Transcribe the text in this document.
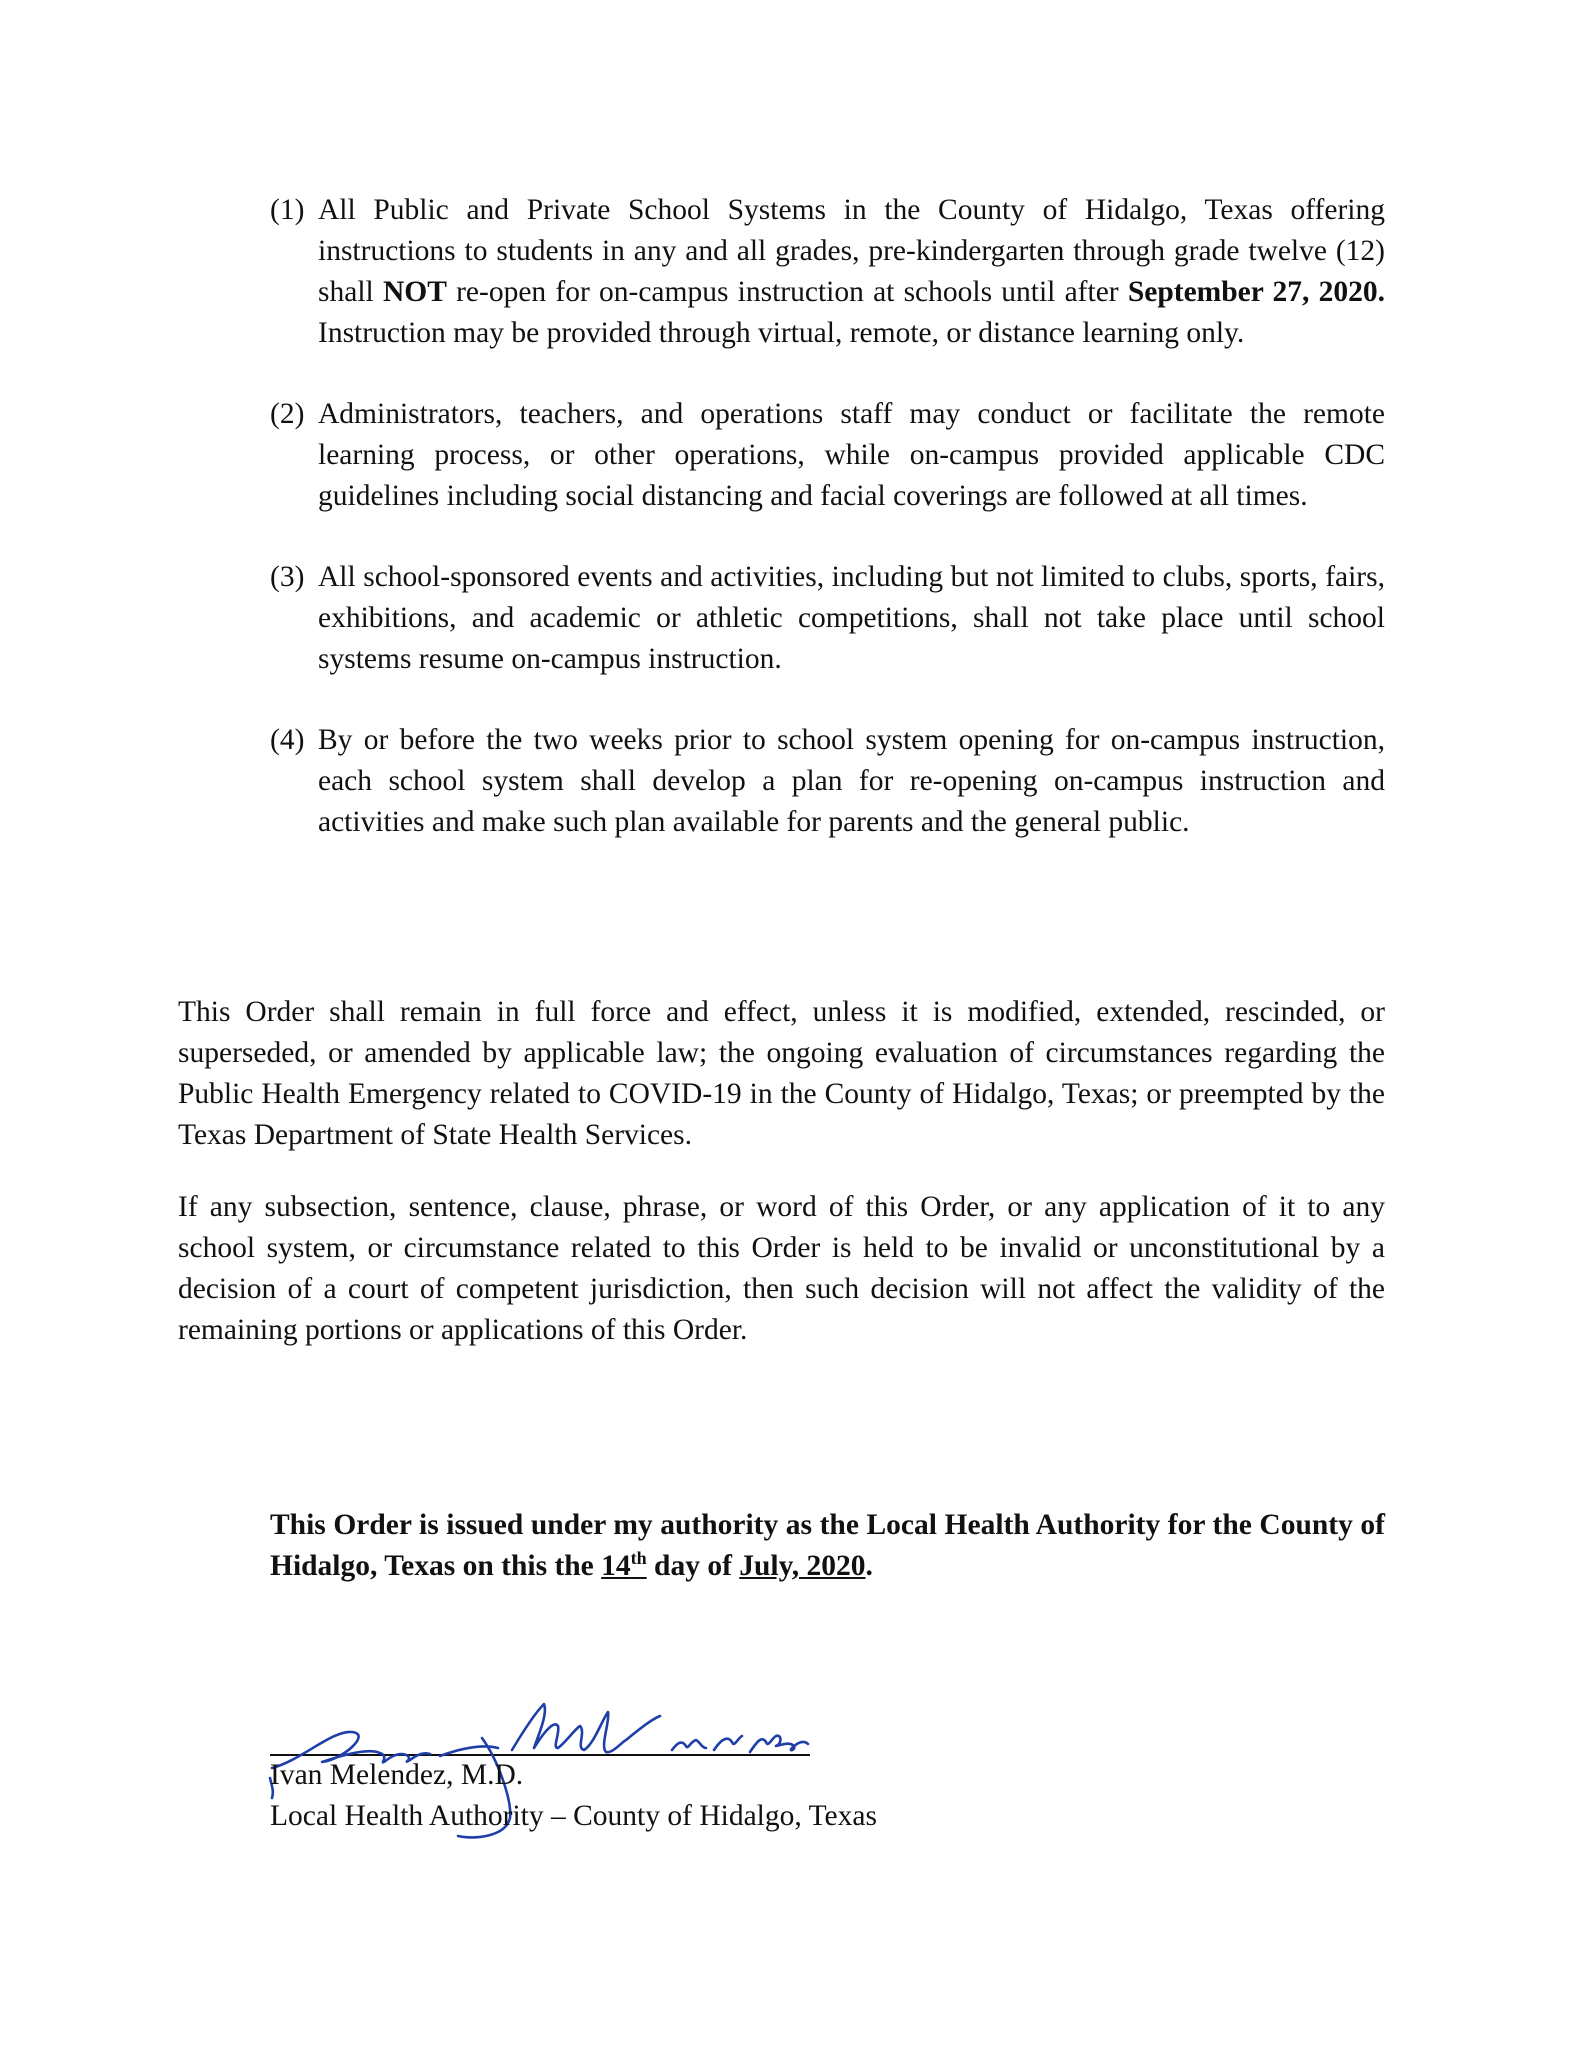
(1) All Public and Private School Systems in the County of Hidalgo, Texas offering instructions to students in any and all grades, pre-kindergarten through grade twelve (12) shall NOT re-open for on-campus instruction at schools until after September 27, 2020. Instruction may be provided through virtual, remote, or distance learning only.
(2) Administrators, teachers, and operations staff may conduct or facilitate the remote learning process, or other operations, while on-campus provided applicable CDC guidelines including social distancing and facial coverings are followed at all times.
(3) All school-sponsored events and activities, including but not limited to clubs, sports, fairs, exhibitions, and academic or athletic competitions, shall not take place until school systems resume on-campus instruction.
(4) By or before the two weeks prior to school system opening for on-campus instruction, each school system shall develop a plan for re-opening on-campus instruction and activities and make such plan available for parents and the general public.

This Order shall remain in full force and effect, unless it is modified, extended, rescinded, or superseded, or amended by applicable law; the ongoing evaluation of circumstances regarding the Public Health Emergency related to COVID-19 in the County of Hidalgo, Texas; or preempted by the Texas Department of State Health Services.

If any subsection, sentence, clause, phrase, or word of this Order, or any application of it to any school system, or circumstance related to this Order is held to be invalid or unconstitutional by a decision of a court of competent jurisdiction, then such decision will not affect the validity of the remaining portions or applications of this Order.

This Order is issued under my authority as the Local Health Authority for the County of Hidalgo, Texas on this the 14th day of July, 2020.

Ivan Melendez, M.D.
Local Health Authority – County of Hidalgo, Texas
